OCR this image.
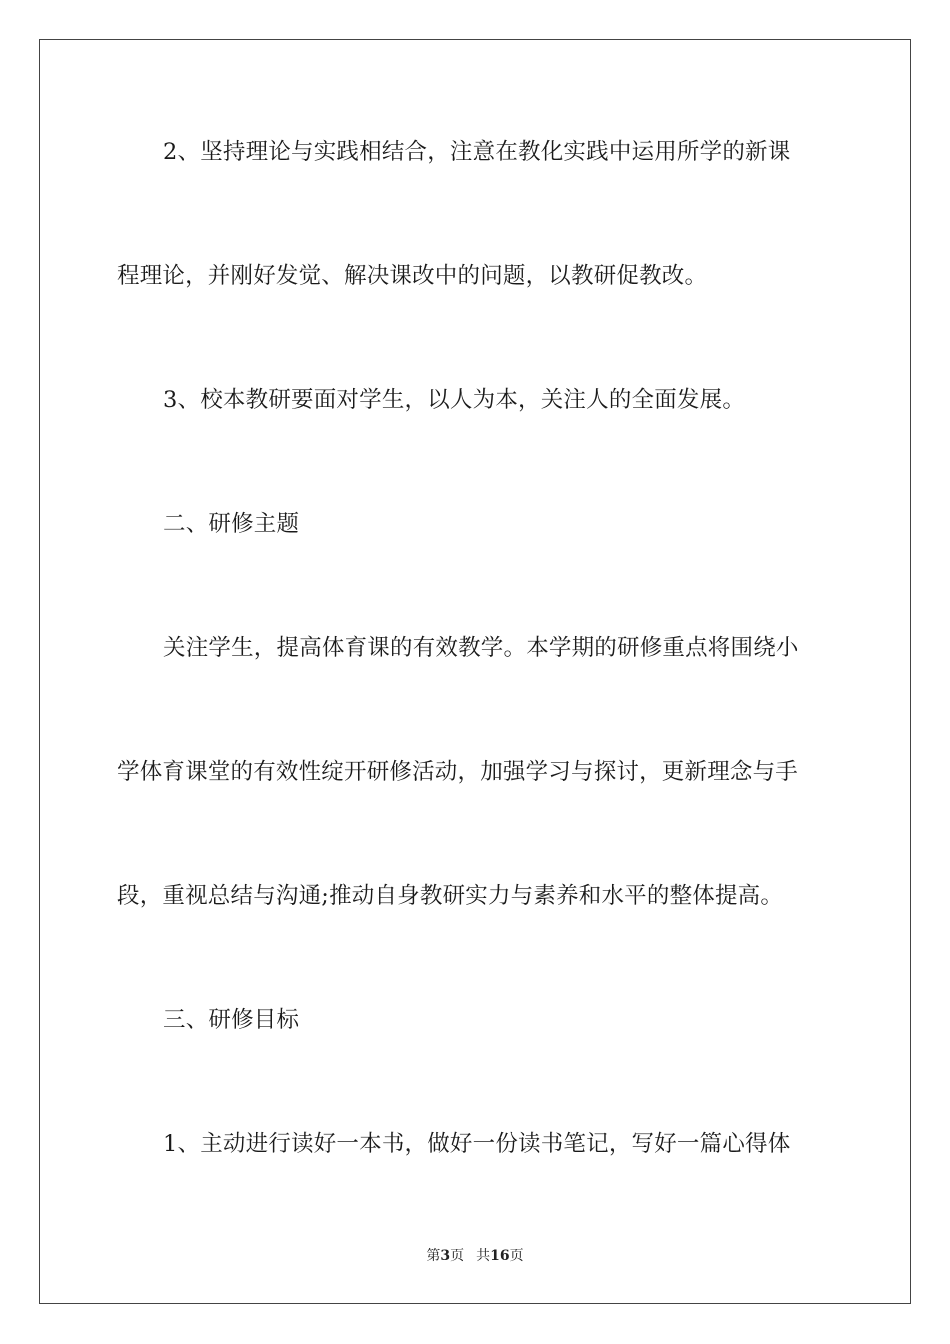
2、坚持理论与实践相结合，注意在教化实践中运用所学的新课
程理论，并刚好发觉、解决课改中的问题，以教研促教改。
3、校本教研要面对学生，以人为本，关注人的全面发展。
二、研修主题
关注学生，提高体育课的有效教学。本学期的研修重点将围绕小
学体育课堂的有效性绽开研修活动，加强学习与探讨，更新理念与手
段，重视总结与沟通;推动自身教研实力与素养和水平的整体提高。
三、研修目标
1、主动进行读好一本书，做好一份读书笔记，写好一篇心得体
第3页 共16页
